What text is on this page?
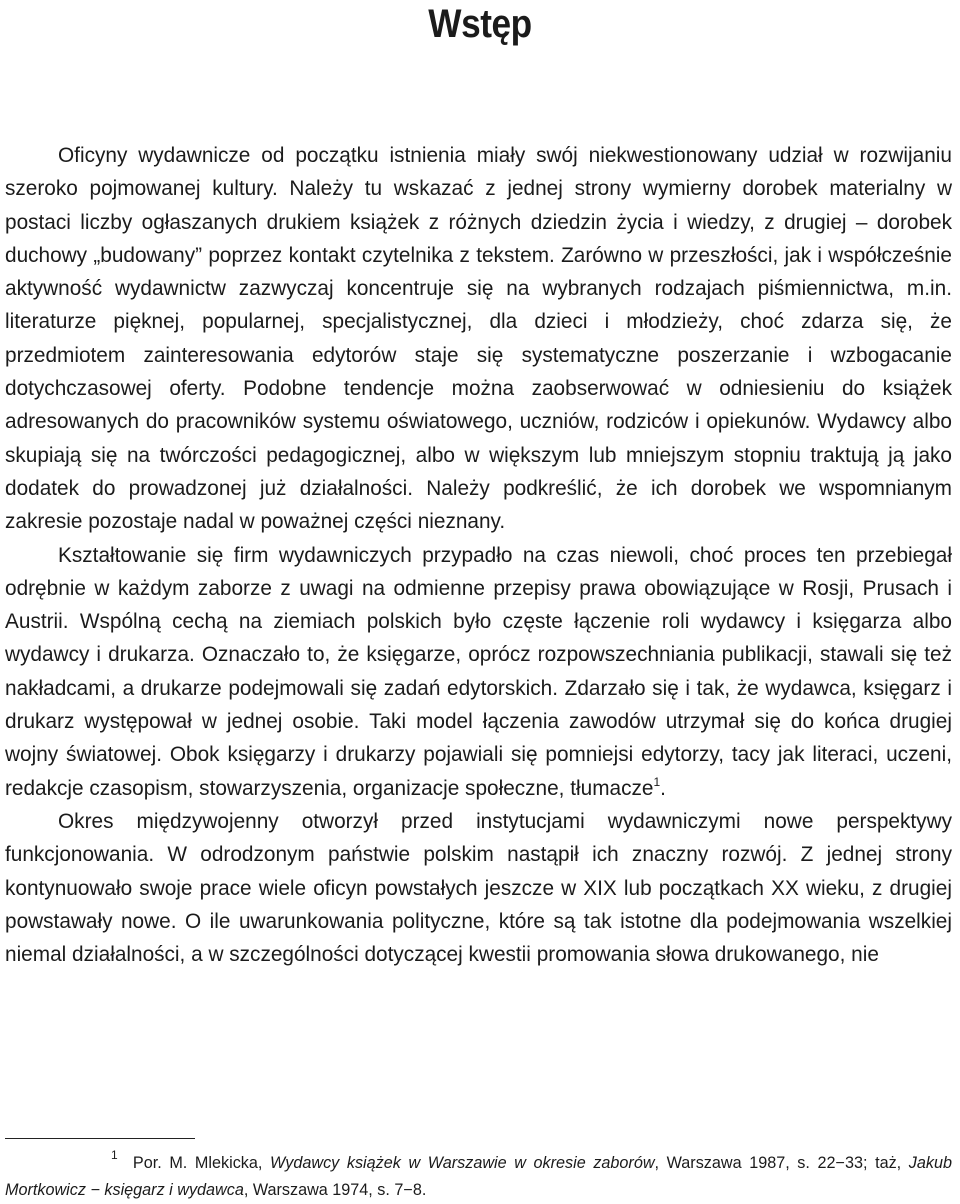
Wstęp

Oficyny wydawnicze od początku istnienia miały swój niekwestionowany udział w rozwijaniu szeroko pojmowanej kultury. Należy tu wskazać z jednej strony wymierny dorobek materialny w postaci liczby ogłaszanych drukiem książek z różnych dziedzin życia i wiedzy, z drugiej – dorobek duchowy „budowany” poprzez kontakt czytelnika z tekstem. Zarówno w przeszłości, jak i współcześnie aktywność wydawnictw zazwyczaj koncentruje się na wybranych rodzajach piśmiennictwa, m.in. literaturze pięknej, popularnej, specjalistycznej, dla dzieci i młodzieży, choć zdarza się, że przedmiotem zainteresowania edytorów staje się systematyczne poszerzanie i wzbogacanie dotychczasowej oferty. Podobne tendencje można zaobserwować w odniesieniu do książek adresowanych do pracowników systemu oświatowego, uczniów, rodziców i opiekunów. Wydawcy albo skupiają się na twórczości pedagogicznej, albo w większym lub mniejszym stopniu traktują ją jako dodatek do prowadzonej już działalności. Należy podkreślić, że ich dorobek we wspomnianym zakresie pozostaje nadal w poważnej części nieznany.

Kształtowanie się firm wydawniczych przypadło na czas niewoli, choć proces ten przebiegał odrębnie w każdym zaborze z uwagi na odmienne przepisy prawa obowiązujące w Rosji, Prusach i Austrii. Wspólną cechą na ziemiach polskich było częste łączenie roli wydawcy i księgarza albo wydawcy i drukarza. Oznaczało to, że księgarze, oprócz rozpowszechniania publikacji, stawali się też nakładcami, a drukarze podejmowali się zadań edytorskich. Zdarzało się i tak, że wydawca, księgarz i drukarz występował w jednej osobie. Taki model łączenia zawodów utrzymał się do końca drugiej wojny światowej. Obok księgarzy i drukarzy pojawiali się pomniejsi edytorzy, tacy jak literaci, uczeni, redakcje czasopism, stowarzyszenia, organizacje społeczne, tłumacze$^1$.

Okres międzywojenny otworzył przed instytucjami wydawniczymi nowe perspektywy funkcjonowania. W odrodzonym państwie polskim nastąpił ich znaczny rozwój. Z jednej strony kontynuowało swoje prace wiele oficyn powstałych jeszcze w XIX lub początkach XX wieku, z drugiej powstawały nowe. O ile uwarunkowania polityczne, które są tak istotne dla podejmowania wszelkiej niemal działalności, a w szczególności dotyczącej kwestii promowania słowa drukowanego, nie

$^1$ Por. M. Mlekicka, Wydawcy książek w Warszawie w okresie zaborów, Warszawa 1987, s. 22−33; taż, Jakub Mortkowicz − księgarz i wydawca, Warszawa 1974, s. 7−8.
